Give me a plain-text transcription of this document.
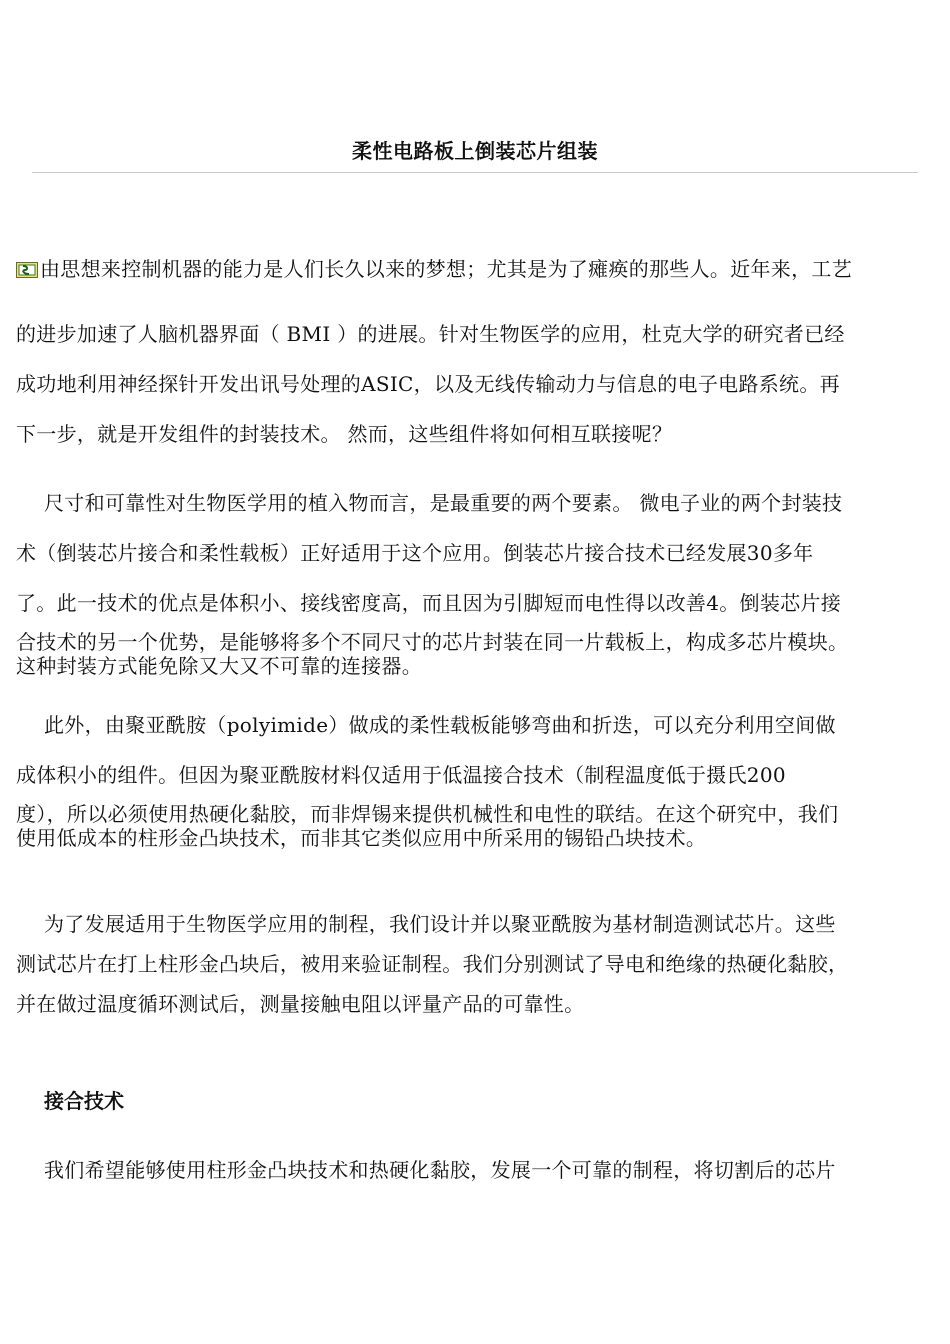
柔性电路板上倒装芯片组装
由思想来控制机器的能力是人们长久以来的梦想；尤其是为了瘫痪的那些人。近年来，工艺
的进步加速了人脑机器界面（ BMI ）的进展。针对生物医学的应用，杜克大学的研究者已经
成功地利用神经探针开发出讯号处理的ASIC，以及无线传输动力与信息的电子电路系统。再
下一步，就是开发组件的封装技术。 然而，这些组件将如何相互联接呢？
尺寸和可靠性对生物医学用的植入物而言，是最重要的两个要素。 微电子业的两个封装技
术（倒装芯片接合和柔性载板）正好适用于这个应用。倒装芯片接合技术已经发展30多年
了。此一技术的优点是体积小、接线密度高，而且因为引脚短而电性得以改善4。倒装芯片接
合技术的另一个优势，是能够将多个不同尺寸的芯片封装在同一片载板上，构成多芯片模块。
这种封装方式能免除又大又不可靠的连接器。
此外，由聚亚酰胺（polyimide）做成的柔性载板能够弯曲和折迭，可以充分利用空间做
成体积小的组件。但因为聚亚酰胺材料仅适用于低温接合技术（制程温度低于摄氏200
度），所以必须使用热硬化黏胶，而非焊锡来提供机械性和电性的联结。在这个研究中，我们
使用低成本的柱形金凸块技术，而非其它类似应用中所采用的锡铅凸块技术。
为了发展适用于生物医学应用的制程，我们设计并以聚亚酰胺为基材制造测试芯片。这些
测试芯片在打上柱形金凸块后，被用来验证制程。我们分别测试了导电和绝缘的热硬化黏胶，
并在做过温度循环测试后，测量接触电阻以评量产品的可靠性。
接合技术
我们希望能够使用柱形金凸块技术和热硬化黏胶，发展一个可靠的制程，将切割后的芯片
